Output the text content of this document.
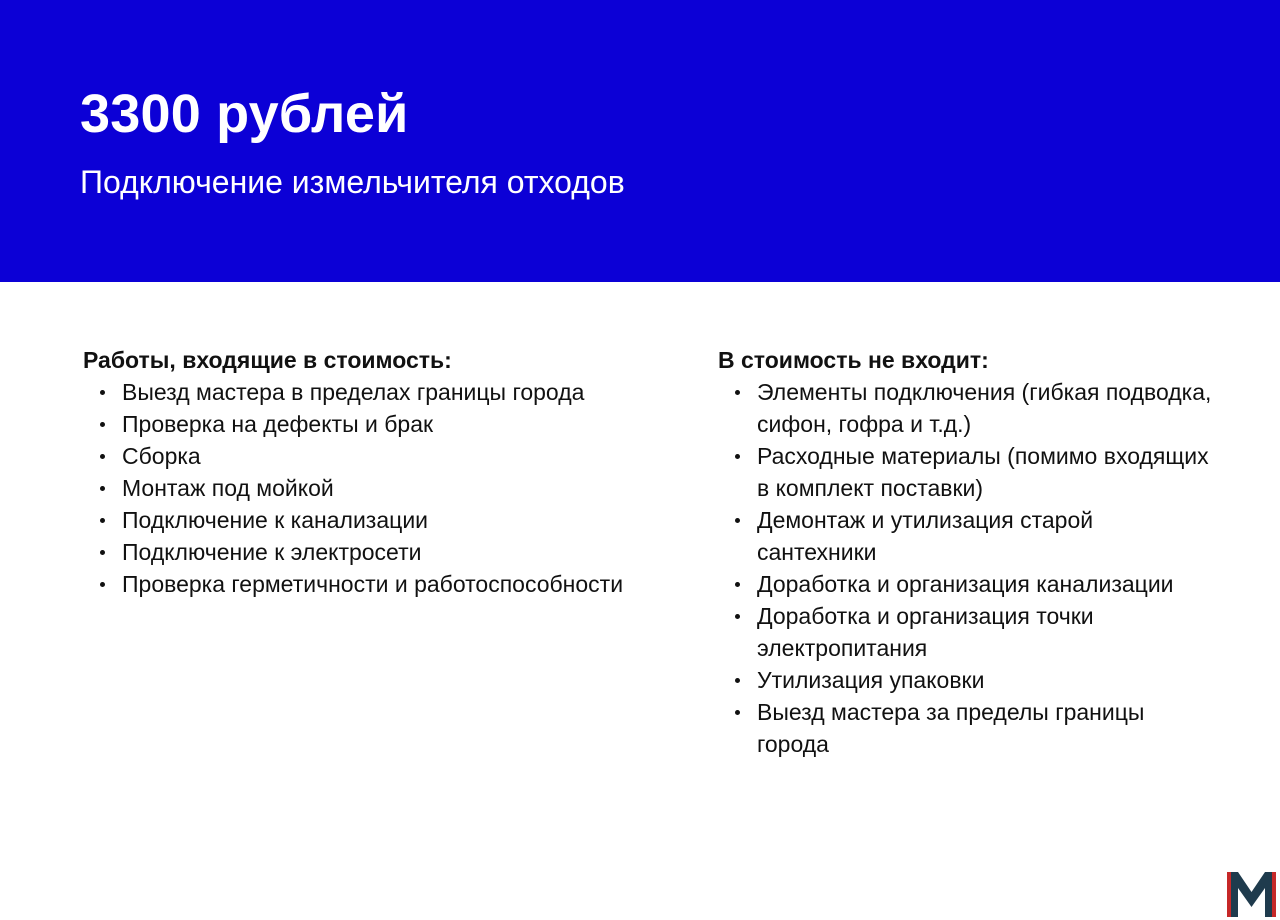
3300 рублей

Подключение измельчителя отходов

Работы, входящие в стоимость:
Выезд мастера в пределах границы города
Проверка на дефекты и брак
Сборка
Монтаж под мойкой
Подключение к канализации
Подключение к электросети
Проверка герметичности и работоспособности
В стоимость не входит:
Элементы подключения (гибкая подводка, сифон, гофра и т.д.)
Расходные материалы (помимо входящих в комплект поставки)
Демонтаж и утилизация старой сантехники
Доработка и организация канализации
Доработка и организация точки электропитания
Утилизация упаковки
Выезд мастера за пределы границы города
